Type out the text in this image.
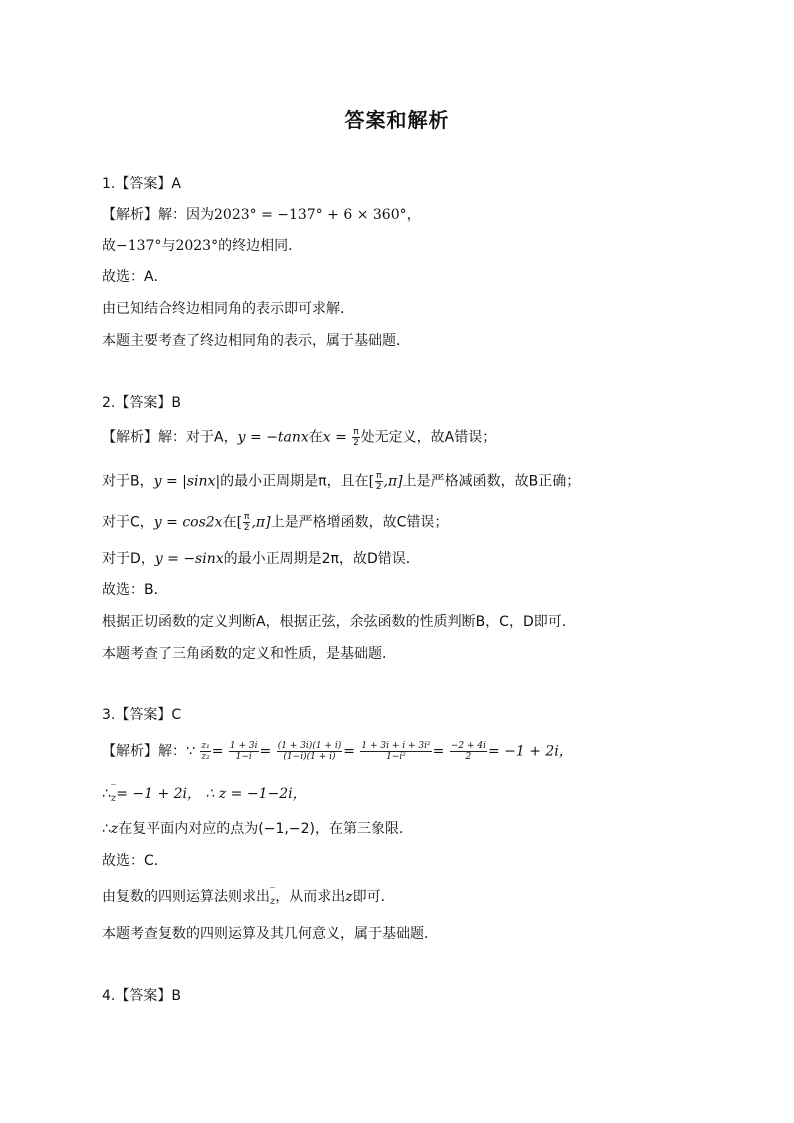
答案和解析
1.【答案】A
【解析】解：因为2023° = −137° + 6 × 360°，
故−137°与2023°的终边相同．
故选：A．
由已知结合终边相同角的表示即可求解．
本题主要考查了终边相同角的表示，属于基础题．
2.【答案】B
【解析】解：对于A，y = −tanx在$x = \frac{\pi}{2}$ 处无定义，故A错误；
对于B，y = |sinx|的最小正周期是π，且在[ $\frac{\pi}{2} ,\pi$]上是严格减函数，故B正确；
对于C，y = cos2x在[ $\frac{\pi}{2} ,\pi$]上是严格增函数，故C错误；
对于D，y = −sinx的最小正周期是2π，故D错误．
故选：B．
根据正切函数的定义判断A，根据正弦，余弦函数的性质判断B，C，D即可．
本题考查了三角函数的定义和性质，是基础题．
3.【答案】C
【解析】解：∵ $\frac{\text{z₁}}{\text{z₂}} = \frac{1 + 3i}{1-i} = \frac{(1 + 3i)(1 + i)}{(1-i)(1 + i)} = \frac{\text{1 + 3i + i + 3i²}}{\text{1−i²}} = \frac{-2 + 4i}{2} = -1 + 2i$，
∴ ‾
z = −1 + 2i， ∴ z = −1−2i，
∴z在复平面内对应的点为(−1,−2)，在第三象限．
故选：C．
由复数的四则运算法则求出 ‾
z ，从而求出z即可．
本题考查复数的四则运算及其几何意义，属于基础题．
4.【答案】B
